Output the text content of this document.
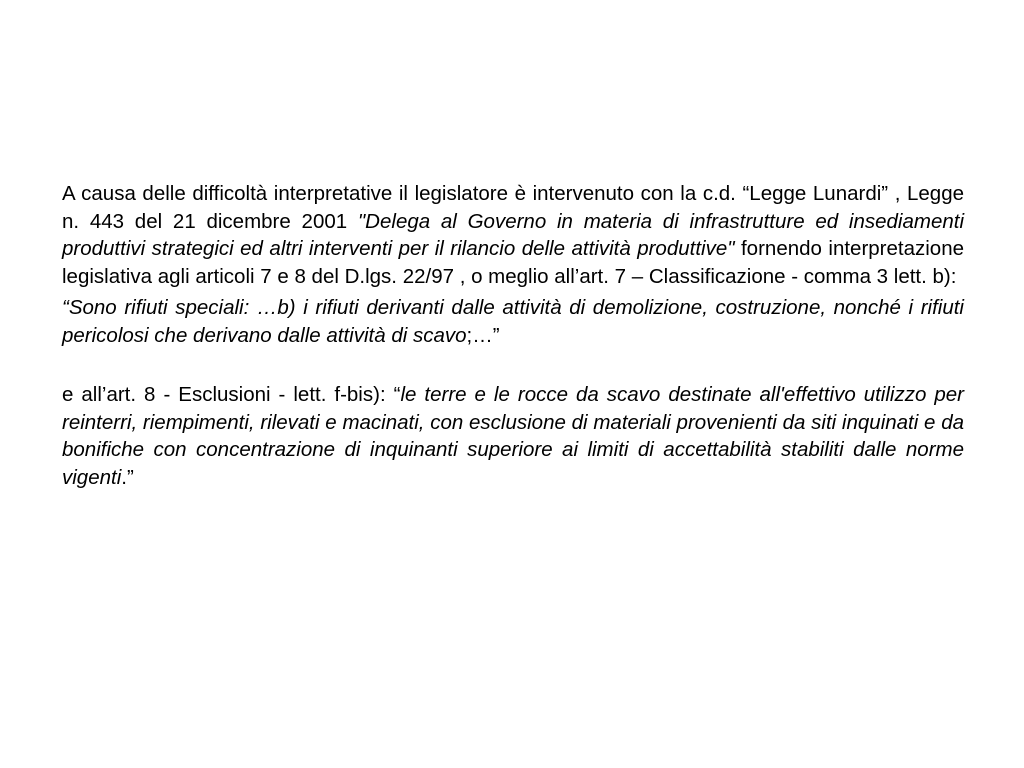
A causa delle difficoltà interpretative il legislatore è intervenuto con la c.d. “Legge Lunardi” , Legge n. 443 del 21 dicembre 2001 "Delega al Governo in materia di infrastrutture ed insediamenti produttivi strategici ed altri interventi per il rilancio delle attività produttive" fornendo interpretazione legislativa agli articoli 7 e 8 del D.lgs. 22/97 , o meglio all’art. 7 – Classificazione - comma 3 lett. b):

“Sono rifiuti speciali: …b) i rifiuti derivanti dalle attività di demolizione, costruzione, nonché i rifiuti pericolosi che derivano dalle attività di scavo;…”

e all’art. 8 - Esclusioni - lett. f-bis): “le terre e le rocce da scavo destinate all'effettivo utilizzo per reinterri, riempimenti, rilevati e macinati, con esclusione di materiali provenienti da siti inquinati e da bonifiche con concentrazione di inquinanti superiore ai limiti di accettabilità stabiliti dalle norme vigenti.”
